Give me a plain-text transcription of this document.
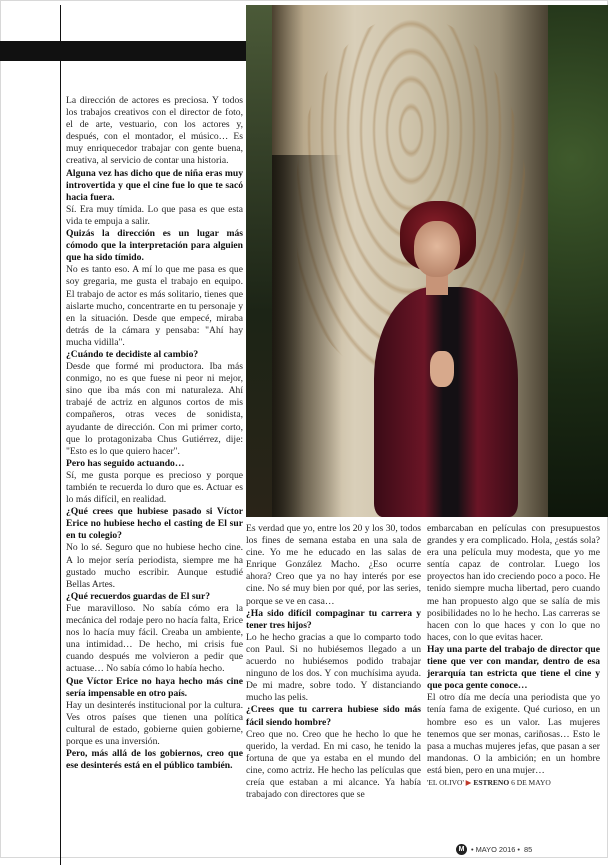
La dirección de actores es preciosa. Y todos los trabajos creativos con el director de foto, el de arte, vestuario, con los actores y, después, con el montador, el músico… Es muy enriquecedor trabajar con gente buena, creativa, al servicio de contar una historia.

Alguna vez has dicho que de niña eras muy introvertida y que el cine fue lo que te sacó hacia fuera.

Sí. Era muy tímida. Lo que pasa es que esta vida te empuja a salir.

Quizás la dirección es un lugar más cómodo que la interpretación para alguien que ha sido tímido.

No es tanto eso. A mí lo que me pasa es que soy gregaria, me gusta el trabajo en equipo. El trabajo de actor es más solitario, tienes que aislarte mucho, concentrarte en tu personaje y en la situación. Desde que empecé, miraba detrás de la cámara y pensaba: "Ahí hay mucha vidilla".

¿Cuándo te decidiste al cambio?

Desde que formé mi productora. Iba más conmigo, no es que fuese ni peor ni mejor, sino que iba más con mi naturaleza. Ahí trabajé de actriz en algunos cortos de mis compañeros, otras veces de sonidista, ayudante de dirección. Con mi primer corto, que lo protagonizaba Chus Gutiérrez, dije: "Esto es lo que quiero hacer".

Pero has seguido actuando…

Sí, me gusta porque es precioso y porque también te recuerda lo duro que es. Actuar es lo más difícil, en realidad.

¿Qué crees que hubiese pasado si Víctor Erice no hubiese hecho el casting de El sur en tu colegio?

No lo sé. Seguro que no hubiese hecho cine. A lo mejor sería periodista, siempre me ha gustado mucho escribir. Aunque estudié Bellas Artes.

¿Qué recuerdos guardas de El sur?

Fue maravilloso. No sabía cómo era la mecánica del rodaje pero no hacía falta, Erice nos lo hacía muy fácil. Creaba un ambiente, una intimidad… De hecho, mi crisis fue cuando después me volvieron a pedir que actuase… No sabía cómo lo había hecho.

Que Víctor Erice no haya hecho más cine sería impensable en otro país.

Hay un desinterés institucional por la cultura. Ves otros países que tienen una política cultural de estado, gobierne quien gobierne, porque es una inversión.

Pero, más allá de los gobiernos, creo que ese desinterés está en el público también.

Es verdad que yo, entre los 20 y los 30, todos los fines de semana estaba en una sala de cine. Yo me he educado en las salas de Enrique González Macho. ¿Eso ocurre ahora? Creo que ya no hay interés por ese cine. No sé muy bien por qué, por las series, porque se ve en casa…

¿Ha sido difícil compaginar tu carrera y tener tres hijos?

Lo he hecho gracias a que lo comparto todo con Paul. Si no hubiésemos llegado a un acuerdo no hubiésemos podido trabajar ninguno de los dos. Y con muchísima ayuda. De mi madre, sobre todo. Y distanciando mucho las pelis.

¿Crees que tu carrera hubiese sido más fácil siendo hombre?

Creo que no. Creo que he hecho lo que he querido, la verdad. En mi caso, he tenido la fortuna de que ya estaba en el mundo del cine, como actriz. He hecho las películas que creía que estaban a mi alcance. Ya había trabajado con directores que se

embarcaban en películas con presupuestos grandes y era complicado. Hola, ¿estás sola? era una película muy modesta, que yo me sentía capaz de controlar. Luego los proyectos han ido creciendo poco a poco. He tenido siempre mucha libertad, pero cuando me han propuesto algo que se salía de mis posibilidades no lo he hecho. Las carreras se hacen con lo que haces y con lo que no haces, con lo que evitas hacer.

Hay una parte del trabajo de director que tiene que ver con mandar, dentro de esa jerarquía tan estricta que tiene el cine y que poca gente conoce…

El otro día me decía una periodista que yo tenía fama de exigente. Qué curioso, en un hombre eso es un valor. Las mujeres tenemos que ser monas, cariñosas… Esto le pasa a muchas mujeres jefas, que pasan a ser mandonas. O la ambición; en un hombre está bien, pero en una mujer…

'EL OLIVO' ▶ ESTRENO 6 DE MAYO

M • MAYO 2016 • 85
